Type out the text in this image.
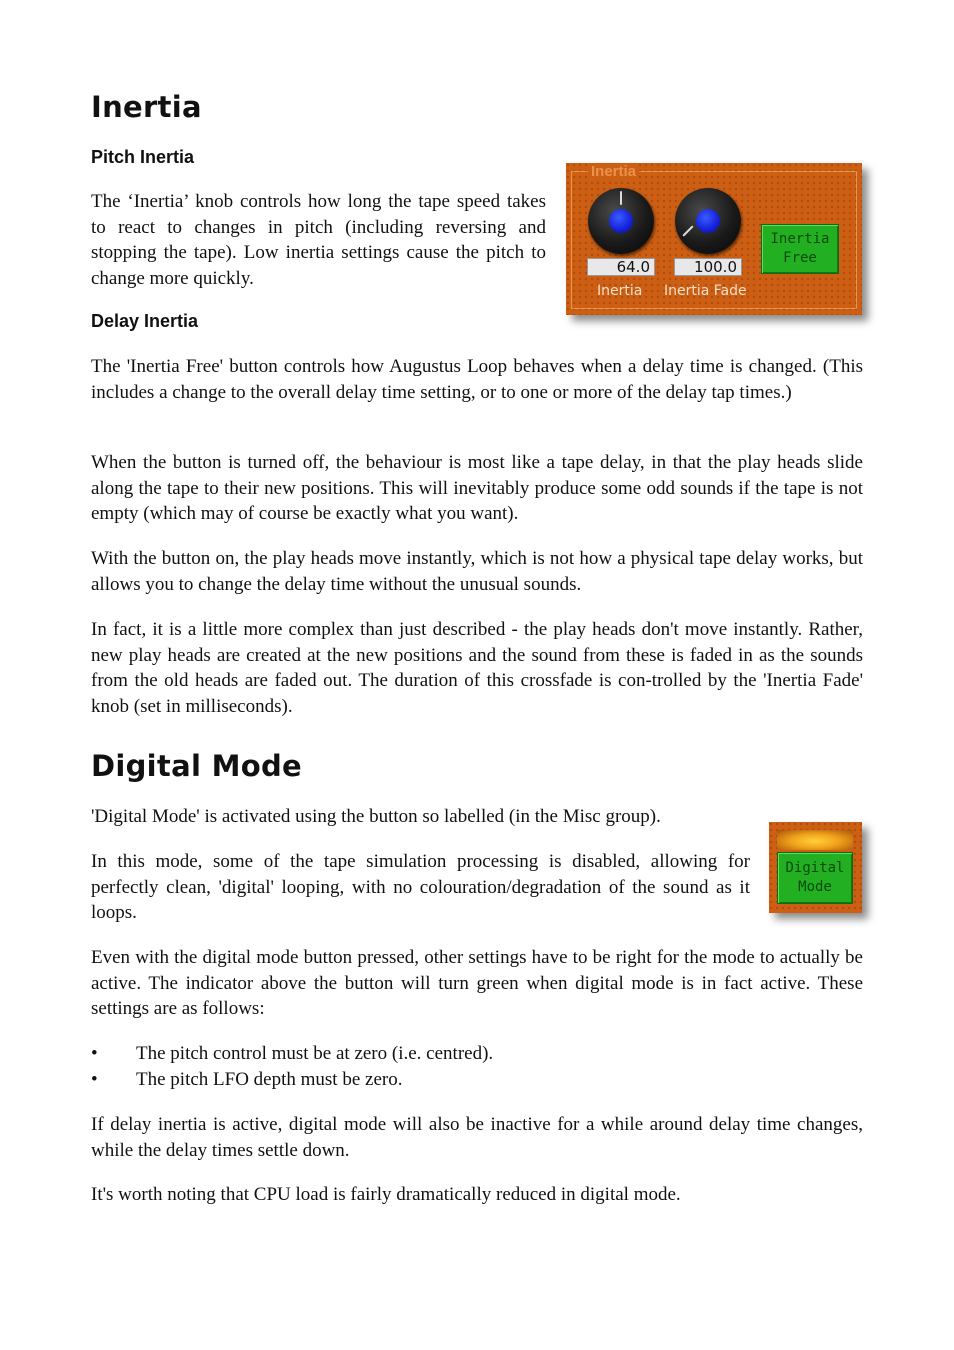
Inertia
Pitch Inertia

The ‘Inertia’ knob controls how long the tape speed takes to react to changes in pitch (including reversing and stopping the tape). Low inertia settings cause the pitch to change more quickly.

Delay Inertia

The 'Inertia Free' button controls how Augustus Loop behaves when a delay time is changed. (This includes a change to the overall delay time setting, or to one or more of the delay tap times.)

When the button is turned off, the behaviour is most like a tape delay, in that the play heads slide along the tape to their new positions. This will inevitably produce some odd sounds if the tape is not empty (which may of course be exactly what you want).

With the button on, the play heads move instantly, which is not how a physical tape delay works, but allows you to change the delay time without the unusual sounds.

In fact, it is a little more complex than just described - the play heads don't move instantly. Rather, new play heads are created at the new positions and the sound from these is faded in as the sounds from the old heads are faded out. The duration of this crossfade is con-trolled by the 'Inertia Fade' knob (set in milliseconds).

Digital Mode

'Digital Mode' is activated using the button so labelled (in the Misc group).

In this mode, some of the tape simulation processing is disabled, allowing for perfectly clean, 'digital' looping, with no colouration/degradation of the sound as it loops.

Even with the digital mode button pressed, other settings have to be right for the mode to actually be active. The indicator above the button will turn green when digital mode is in fact active. These settings are as follows:

• The pitch control must be at zero (i.e. centred).
• The pitch LFO depth must be zero.

If delay inertia is active, digital mode will also be inactive for a while around delay time changes, while the delay times settle down.

It's worth noting that CPU load is fairly dramatically reduced in digital mode.

Inertia
64.0
Inertia
100.0
Inertia Fade
Inertia
Free
Digital
Mode
